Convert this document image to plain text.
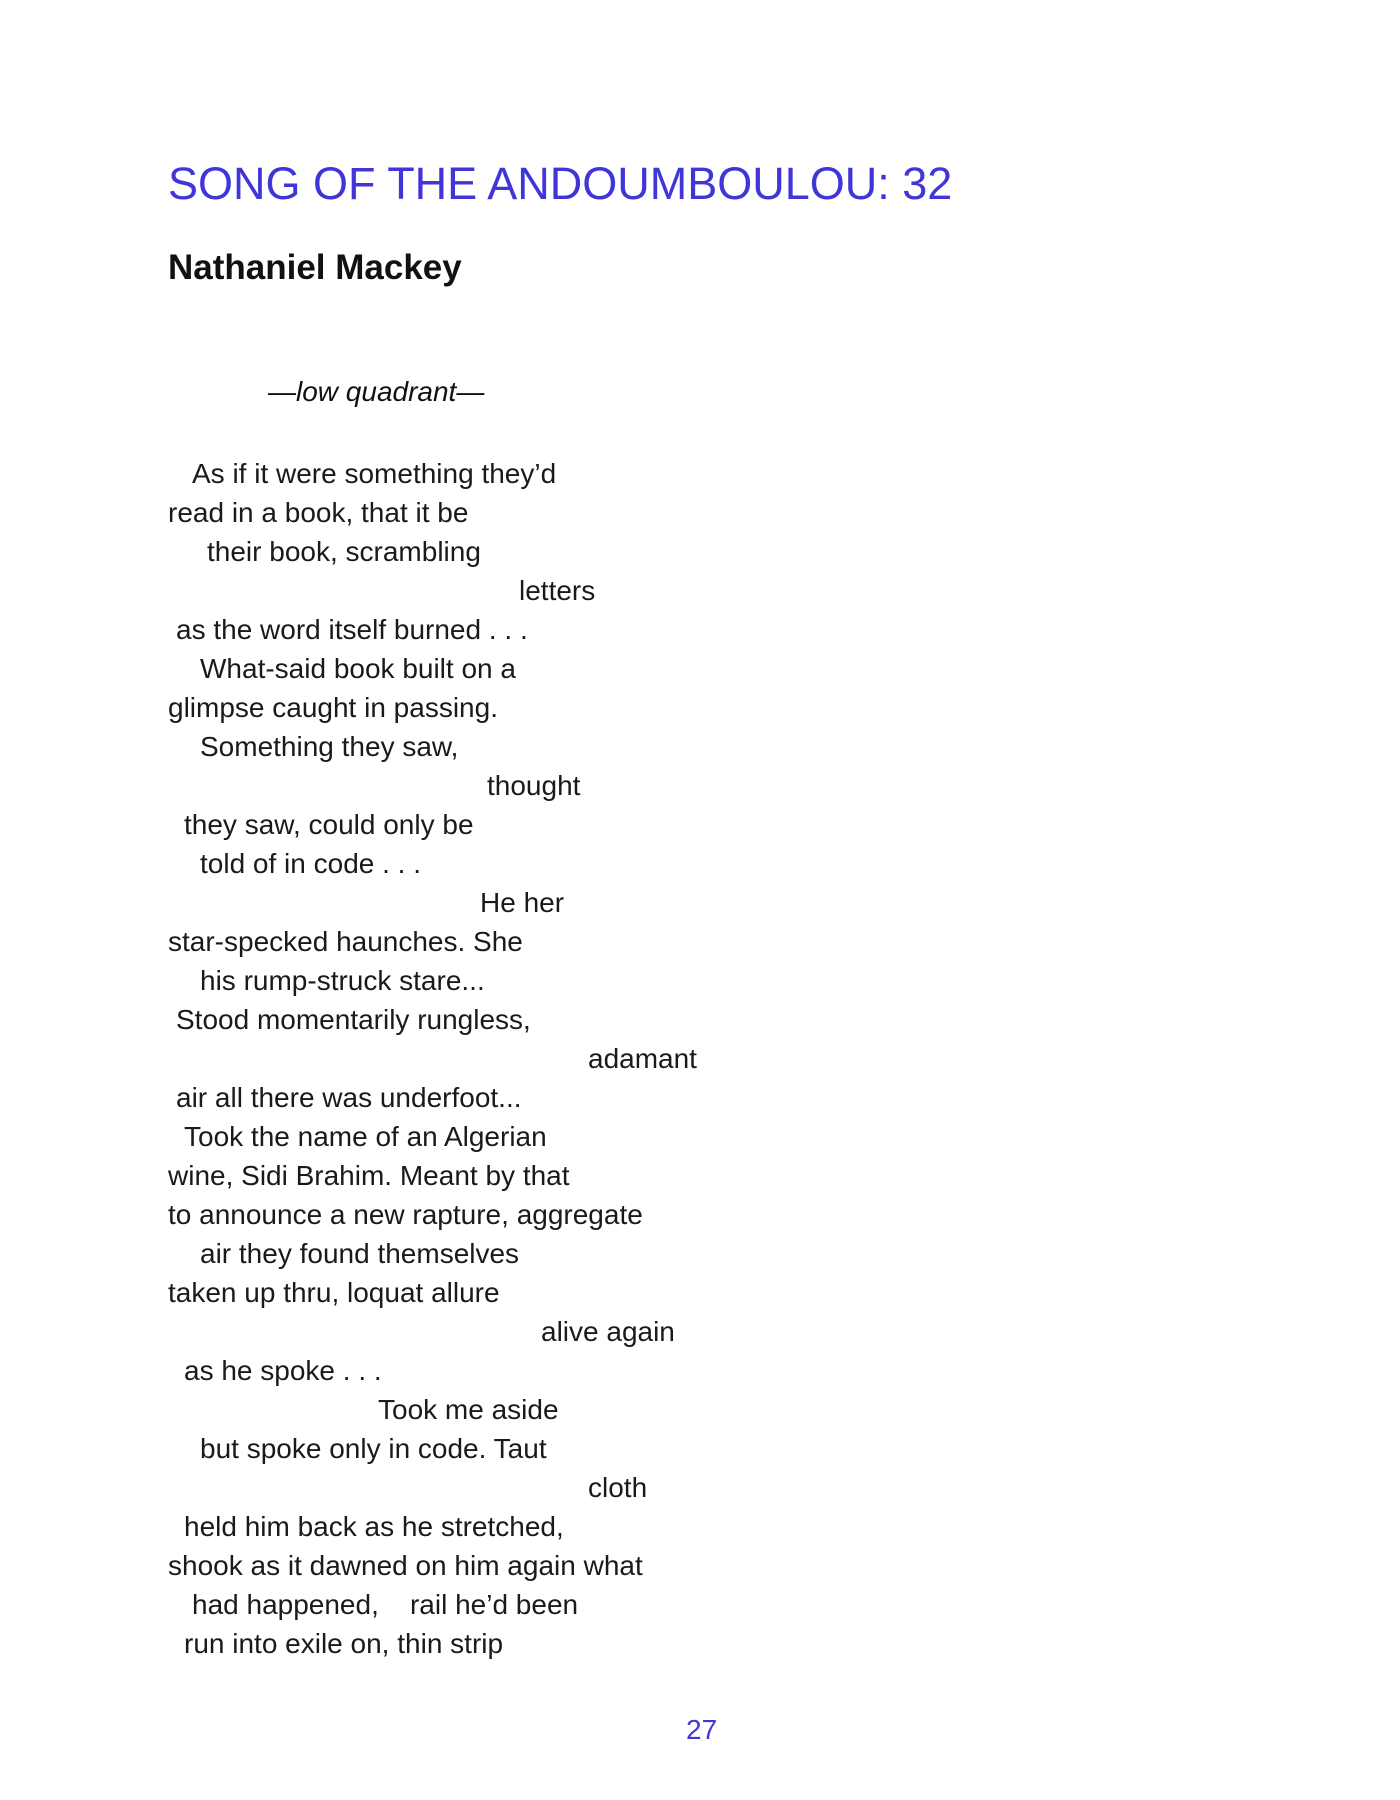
SONG OF THE ANDOUMBOULOU: 32
Nathaniel Mackey
—low quadrant—
As if it were something they’d
read in a book, that it be
their book, scrambling
letters
as the word itself burned . . .
What-said book built on a
glimpse caught in passing.
Something they saw,
thought
they saw, could only be
told of in code . . .
He her
star-specked haunches. She
his rump-struck stare...
Stood momentarily rungless,
adamant
air all there was underfoot...
Took the name of an Algerian
wine, Sidi Brahim. Meant by that
to announce a new rapture, aggregate
air they found themselves
taken up thru, loquat allure
alive again
as he spoke . . .
Took me aside
but spoke only in code. Taut
cloth
held him back as he stretched,
shook as it dawned on him again what
had happened,    rail he’d been
run into exile on, thin strip
27
